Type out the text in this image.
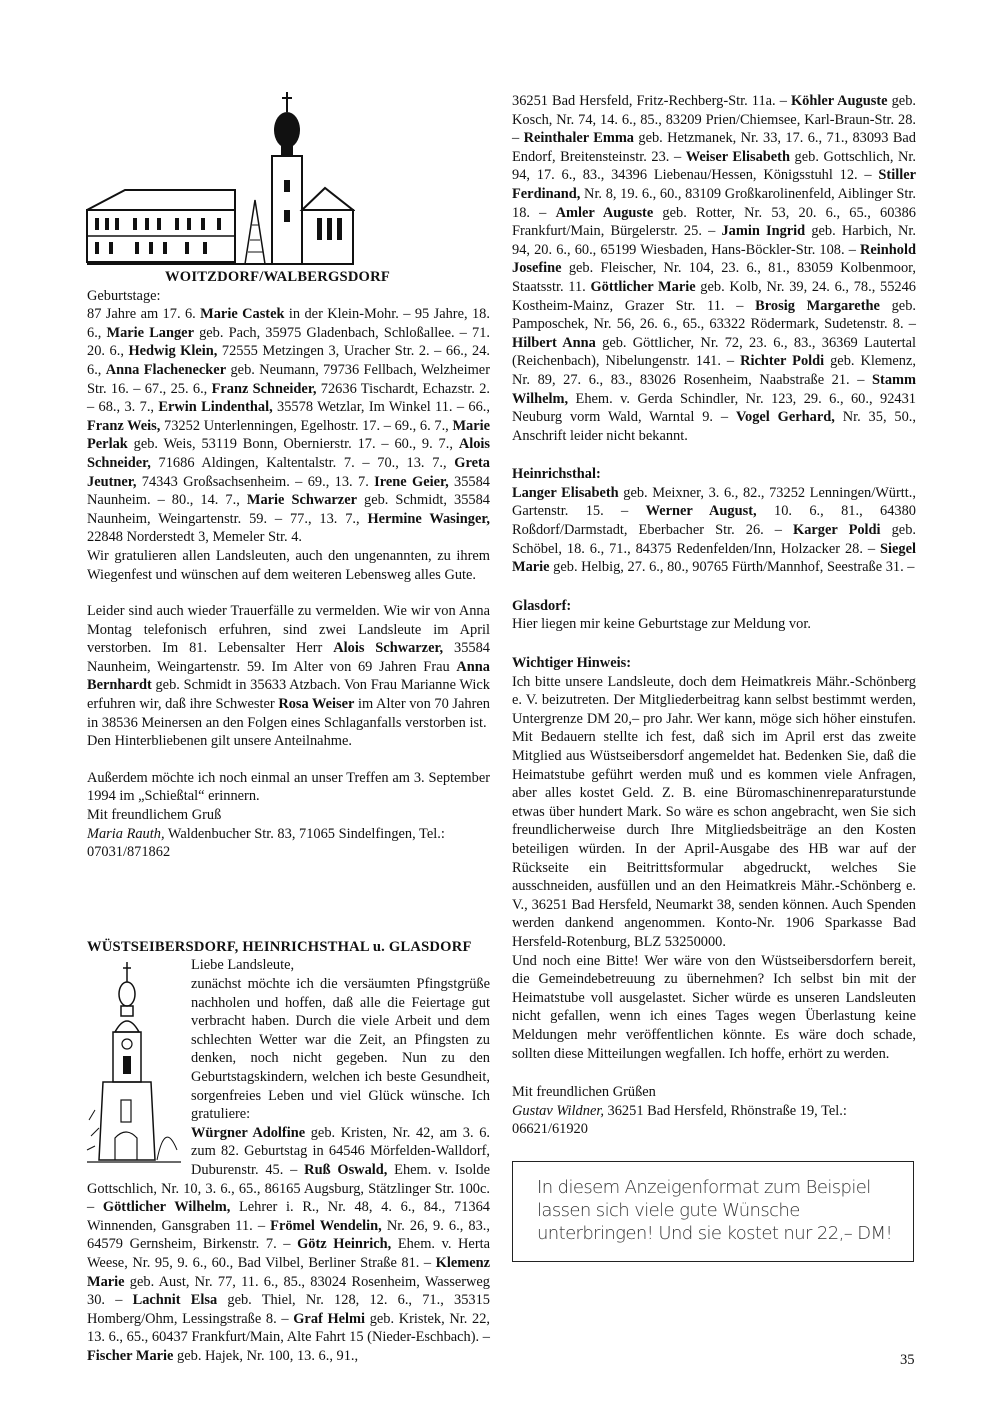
WOITZDORF/WALBERGSDORF

Geburtstage:

87 Jahre am 17. 6. Marie Castek in der Klein-Mohr. – 95 Jahre, 18. 6., Marie Langer geb. Pach, 35975 Gladenbach, Schloßallee. – 71. 20. 6., Hedwig Klein, 72555 Metzingen 3, Uracher Str. 2. – 66., 24. 6., Anna Flachenecker geb. Neumann, 79736 Fellbach, Welzheimer Str. 16. – 67., 25. 6., Franz Schneider, 72636 Tischardt, Echazstr. 2. – 68., 3. 7., Erwin Lindenthal, 35578 Wetzlar, Im Winkel 11. – 66., Franz Weis, 73252 Unterlenningen, Egelhostr. 17. – 69., 6. 7., Marie Perlak geb. Weis, 53119 Bonn, Obernierstr. 17. – 60., 9. 7., Alois Schneider, 71686 Aldingen, Kaltentalstr. 7. – 70., 13. 7., Greta Jeutner, 74343 Großsachsenheim. – 69., 13. 7. Irene Geier, 35584 Naunheim. – 80., 14. 7., Marie Schwarzer geb. Schmidt, 35584 Naunheim, Weingartenstr. 59. – 77., 13. 7., Hermine Wasinger, 22848 Norderstedt 3, Memeler Str. 4.

Wir gratulieren allen Landsleuten, auch den ungenannten, zu ihrem Wiegenfest und wünschen auf dem weiteren Lebensweg alles Gute.

Leider sind auch wieder Trauerfälle zu vermelden. Wie wir von Anna Montag telefonisch erfuhren, sind zwei Landsleute im April verstorben. Im 81. Lebensalter Herr Alois Schwarzer, 35584 Naunheim, Weingartenstr. 59. Im Alter von 69 Jahren Frau Anna Bernhardt geb. Schmidt in 35633 Atzbach. Von Frau Marianne Wick erfuhren wir, daß ihre Schwester Rosa Weiser im Alter von 70 Jahren in 38536 Meinersen an den Folgen eines Schlaganfalls verstorben ist.

Den Hinterbliebenen gilt unsere Anteilnahme.

Außerdem möchte ich noch einmal an unser Treffen am 3. September 1994 im „Schießtal“ erinnern.

Mit freundlichem Gruß

Maria Rauth, Waldenbucher Str. 83, 71065 Sindelfingen, Tel.: 07031/871862

WÜSTSEIBERSDORF, HEINRICHSTHAL u. GLASDORF

Liebe Landsleute,

zunächst möchte ich die versäumten Pfingstgrüße nachholen und hoffen, daß alle die Feiertage gut verbracht haben. Durch die viele Arbeit und dem schlechten Wetter war die Zeit, an Pfingsten zu denken, noch nicht gegeben. Nun zu den Geburtstagskindern, welchen ich beste Gesundheit, sorgenfreies Leben und viel Glück wünsche. Ich gratuliere:

Würgner Adolfine geb. Kristen, Nr. 42, am 3. 6. zum 82. Geburtstag in 64546 Mörfelden-Walldorf, Duburenstr. 45. – Ruß Oswald, Ehem. v. Isolde Gottschlich, Nr. 10, 3. 6., 65., 86165 Augsburg, Stätzlinger Str. 100c. – Göttlicher Wilhelm, Lehrer i. R., Nr. 48, 4. 6., 84., 71364 Winnenden, Gansgraben 11. – Frömel Wendelin, Nr. 26, 9. 6., 83., 64579 Gernsheim, Birkenstr. 7. – Götz Heinrich, Ehem. v. Herta Weese, Nr. 95, 9. 6., 60., Bad Vilbel, Berliner Straße 81. – Klemenz Marie geb. Aust, Nr. 77, 11. 6., 85., 83024 Rosenheim, Wasserweg 30. – Lachnit Elsa geb. Thiel, Nr. 128, 12. 6., 71., 35315 Homberg/Ohm, Lessingstraße 8. – Graf Helmi geb. Kristek, Nr. 22, 13. 6., 65., 60437 Frankfurt/Main, Alte Fahrt 15 (Nieder-Eschbach). – Fischer Marie geb. Hajek, Nr. 100, 13. 6., 91.,

36251 Bad Hersfeld, Fritz-Rechberg-Str. 11a. – Köhler Auguste geb. Kosch, Nr. 74, 14. 6., 85., 83209 Prien/Chiemsee, Karl-Braun-Str. 28. – Reinthaler Emma geb. Hetzmanek, Nr. 33, 17. 6., 71., 83093 Bad Endorf, Breitensteinstr. 23. – Weiser Elisabeth geb. Gottschlich, Nr. 94, 17. 6., 83., 34396 Liebenau/Hessen, Königsstuhl 12. – Stiller Ferdinand, Nr. 8, 19. 6., 60., 83109 Großkarolinenfeld, Aiblinger Str. 18. – Amler Auguste geb. Rotter, Nr. 53, 20. 6., 65., 60386 Frankfurt/Main, Bürgelerstr. 25. – Jamin Ingrid geb. Harbich, Nr. 94, 20. 6., 60., 65199 Wiesbaden, Hans-Böckler-Str. 108. – Reinhold Josefine geb. Fleischer, Nr. 104, 23. 6., 81., 83059 Kolbenmoor, Staatsstr. 11. Göttlicher Marie geb. Kolb, Nr. 39, 24. 6., 78., 55246 Kostheim-Mainz, Grazer Str. 11. – Brosig Margarethe geb. Pamposchek, Nr. 56, 26. 6., 65., 63322 Rödermark, Sudetenstr. 8. – Hilbert Anna geb. Göttlicher, Nr. 72, 23. 6., 83., 36369 Lautertal (Reichenbach), Nibelungenstr. 141. – Richter Poldi geb. Klemenz, Nr. 89, 27. 6., 83., 83026 Rosenheim, Naabstraße 21. – Stamm Wilhelm, Ehem. v. Gerda Schindler, Nr. 123, 29. 6., 60., 92431 Neuburg vorm Wald, Warntal 9. – Vogel Gerhard, Nr. 35, 50., Anschrift leider nicht bekannt.

Heinrichsthal:

Langer Elisabeth geb. Meixner, 3. 6., 82., 73252 Lenningen/Württ., Gartenstr. 15. – Werner August, 10. 6., 81., 64380 Roßdorf/Darmstadt, Eberbacher Str. 26. – Karger Poldi geb. Schöbel, 18. 6., 71., 84375 Redenfelden/Inn, Holzacker 28. – Siegel Marie geb. Helbig, 27. 6., 80., 90765 Fürth/Mannhof, Seestraße 31. –

Glasdorf:

Hier liegen mir keine Geburtstage zur Meldung vor.

Wichtiger Hinweis:

Ich bitte unsere Landsleute, doch dem Heimatkreis Mähr.-Schönberg e. V. beizutreten. Der Mitgliederbeitrag kann selbst bestimmt werden, Untergrenze DM 20,– pro Jahr. Wer kann, möge sich höher einstufen. Mit Bedauern stellte ich fest, daß sich im April erst das zweite Mitglied aus Wüstseibersdorf angemeldet hat. Bedenken Sie, daß die Heimatstube geführt werden muß und es kommen viele Anfragen, aber alles kostet Geld. Z. B. eine Büromaschinenreparaturstunde etwas über hundert Mark. So wäre es schon angebracht, wen Sie sich freundlicherweise durch Ihre Mitgliedsbeiträge an den Kosten beteiligen würden. In der April-Ausgabe des HB war auf der Rückseite ein Beitrittsformular abgedruckt, welches Sie ausschneiden, ausfüllen und an den Heimatkreis Mähr.-Schönberg e. V., 36251 Bad Hersfeld, Neumarkt 38, senden können. Auch Spenden werden dankend angenommen. Konto-Nr. 1906 Sparkasse Bad Hersfeld-Rotenburg, BLZ 53250000.

Und noch eine Bitte! Wer wäre von den Wüstseibersdorfern bereit, die Gemeindebetreuung zu übernehmen? Ich selbst bin mit der Heimatstube voll ausgelastet. Sicher würde es unseren Landsleuten nicht gefallen, wenn ich eines Tages wegen Überlastung keine Meldungen mehr veröffentlichen könnte. Es wäre doch schade, sollten diese Mitteilungen wegfallen. Ich hoffe, erhört zu werden.

Mit freundlichen Grüßen

Gustav Wildner, 36251 Bad Hersfeld, Rhönstraße 19, Tel.: 06621/61920

In diesem Anzeigenformat zum Beispiel lassen sich viele gute Wünsche unterbringen! Und sie kostet nur 22,– DM!
35
